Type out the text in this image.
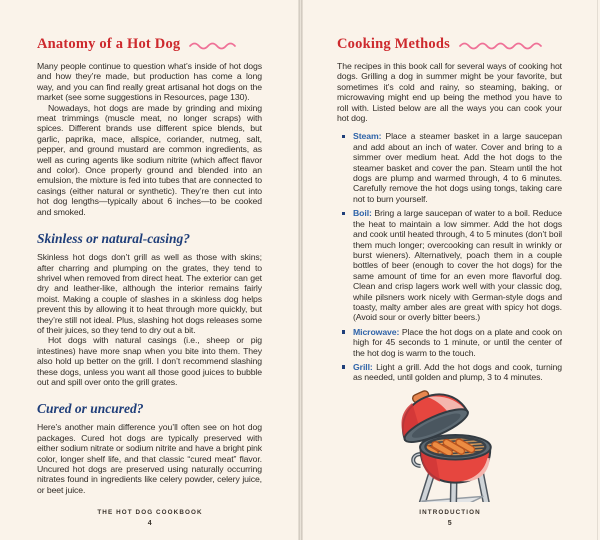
Anatomy of a Hot Dog

Many people continue to question what’s inside of hot dogs and how they’re made, but production has come a long way, and you can find really great artisanal hot dogs on the market (see some suggestions in Resources, page 130).

Nowadays, hot dogs are made by grinding and mixing meat trimmings (muscle meat, no longer scraps) with spices. Different brands use different spice blends, but garlic, paprika, mace, allspice, coriander, nutmeg, salt, pepper, and ground mustard are common ingredients, as well as curing agents like sodium nitrite (which affect flavor and color). Once properly ground and blended into an emulsion, the mixture is fed into tubes that are connected to casings (either natural or synthetic). They’re then cut into hot dog lengths—typically about 6 inches—to be cooked and smoked.

Skinless or natural-casing?

Skinless hot dogs don’t grill as well as those with skins; after charring and plumping on the grates, they tend to shrivel when removed from direct heat. The exterior can get dry and leather-like, although the interior remains fairly moist. Making a couple of slashes in a skinless dog helps prevent this by allowing it to heat through more quickly, but they’re still not ideal. Plus, slashing hot dogs releases some of their juices, so they tend to dry out a bit.

Hot dogs with natural casings (i.e., sheep or pig intestines) have more snap when you bite into them. They also hold up better on the grill. I don’t recommend slashing these dogs, unless you want all those good juices to bubble out and spill over onto the grill grates.

Cured or uncured?

Here’s another main difference you’ll often see on hot dog packages. Cured hot dogs are typically preserved with either sodium nitrate or sodium nitrite and have a bright pink color, longer shelf life, and that classic “cured meat” flavor. Uncured hot dogs are preserved using naturally occurring nitrates found in ingredients like celery powder, celery juice, or beet juice.

THE HOT DOG COOKBOOK
4
Cooking Methods

The recipes in this book call for several ways of cooking hot dogs. Grilling a dog in summer might be your favorite, but sometimes it’s cold and rainy, so steaming, baking, or microwaving might end up being the method you have to roll with. Listed below are all the ways you can cook your hot dog.

Steam: Place a steamer basket in a large saucepan and add about an inch of water. Cover and bring to a simmer over medium heat. Add the hot dogs to the steamer basket and cover the pan. Steam until the hot dogs are plump and warmed through, 4 to 6 minutes. Carefully remove the hot dogs using tongs, taking care not to burn yourself.
Boil: Bring a large saucepan of water to a boil. Reduce the heat to maintain a low simmer. Add the hot dogs and cook until heated through, 4 to 5 minutes (don’t boil them much longer; overcooking can result in wrinkly or burst wieners). Alternatively, poach them in a couple bottles of beer (enough to cover the hot dogs) for the same amount of time for an even more flavorful dog. Clean and crisp lagers work well with your classic dog, while pilsners work nicely with German-style dogs and toasty, malty amber ales are great with spicy hot dogs. (Avoid sour or overly bitter beers.)
Microwave: Place the hot dogs on a plate and cook on high for 45 seconds to 1 minute, or until the center of the hot dog is warm to the touch.
Grill: Light a grill. Add the hot dogs and cook, turning as needed, until golden and plump, 3 to 4 minutes.
INTRODUCTION
5
